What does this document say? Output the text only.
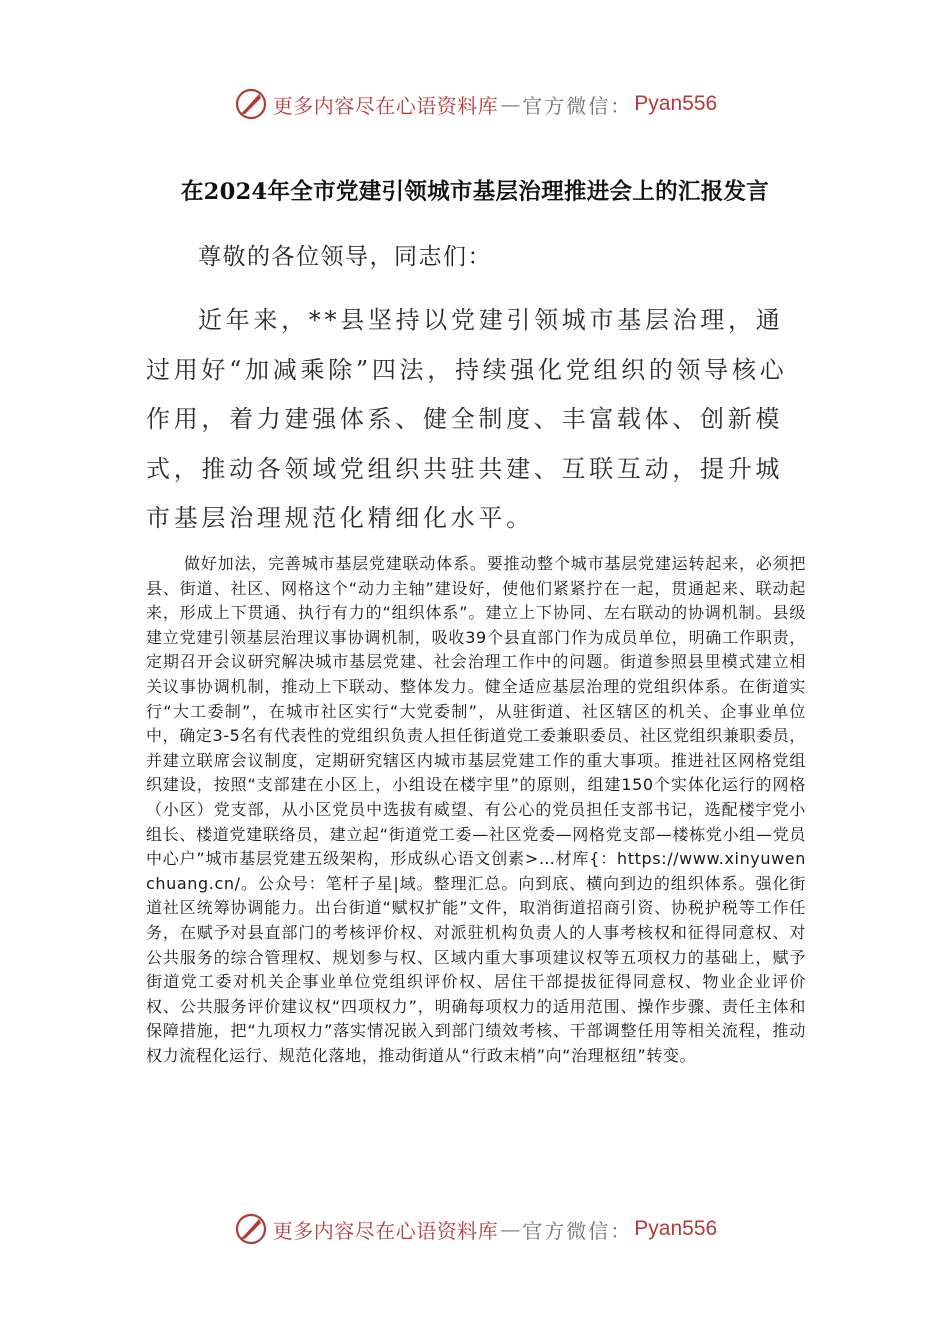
更多内容尽在心语资料库 — 官方微信： Pyan556
在2024年全市党建引领城市基层治理推进会上的汇报发言
尊敬的各位领导，同志们：

近年来，**县坚持以党建引领城市基层治理，通过用好“加减乘除”四法，持续强化党组织的领导核心作用，着力建强体系、健全制度、丰富载体、创新模式，推动各领域党组织共驻共建、互联互动，提升城市基层治理规范化精细化水平。

做好加法，完善城市基层党建联动体系。要推动整个城市基层党建运转起来，必须把县、街道、社区、网格这个“动力主轴”建设好，使他们紧紧拧在一起，贯通起来、联动起来，形成上下贯通、执行有力的“组织体系”。建立上下协同、左右联动的协调机制。县级建立党建引领基层治理议事协调机制，吸收39个县直部门作为成员单位，明确工作职责，定期召开会议研究解决城市基层党建、社会治理工作中的问题。街道参照县里模式建立相关议事协调机制，推动上下联动、整体发力。健全适应基层治理的党组织体系。在街道实行“大工委制”，在城市社区实行“大党委制”，从驻街道、社区辖区的机关、企事业单位中，确定3-5名有代表性的党组织负责人担任街道党工委兼职委员、社区党组织兼职委员，并建立联席会议制度，定期研究辖区内城市基层党建工作的重大事项。推进社区网格党组织建设，按照“支部建在小区上，小组设在楼宇里”的原则，组建150个实体化运行的网格（小区）党支部，从小区党员中选拔有威望、有公心的党员担任支部书记，选配楼宇党小组长、楼道党建联络员，建立起“街道党工委—社区党委—网格党支部—楼栋党小组—党员中心户”城市基层党建五级架构，形成纵心语文创素>…材库{：https://www.xinyuwenchuang.cn/。公众号：笔杆子星|域。整理汇总。向到底、横向到边的组织体系。强化街道社区统筹协调能力。出台街道“赋权扩能”文件，取消街道招商引资、协税护税等工作任务，在赋予对县直部门的考核评价权、对派驻机构负责人的人事考核权和征得同意权、对公共服务的综合管理权、规划参与权、区域内重大事项建议权等五项权力的基础上，赋予街道党工委对机关企事业单位党组织评价权、居住干部提拔征得同意权、物业企业评价权、公共服务评价建议权“四项权力”，明确每项权力的适用范围、操作步骤、责任主体和保障措施，把“九项权力”落实情况嵌入到部门绩效考核、干部调整任用等相关流程，推动权力流程化运行、规范化落地，推动街道从“行政末梢”向“治理枢纽”转变。

更多内容尽在心语资料库 — 官方微信： Pyan556
